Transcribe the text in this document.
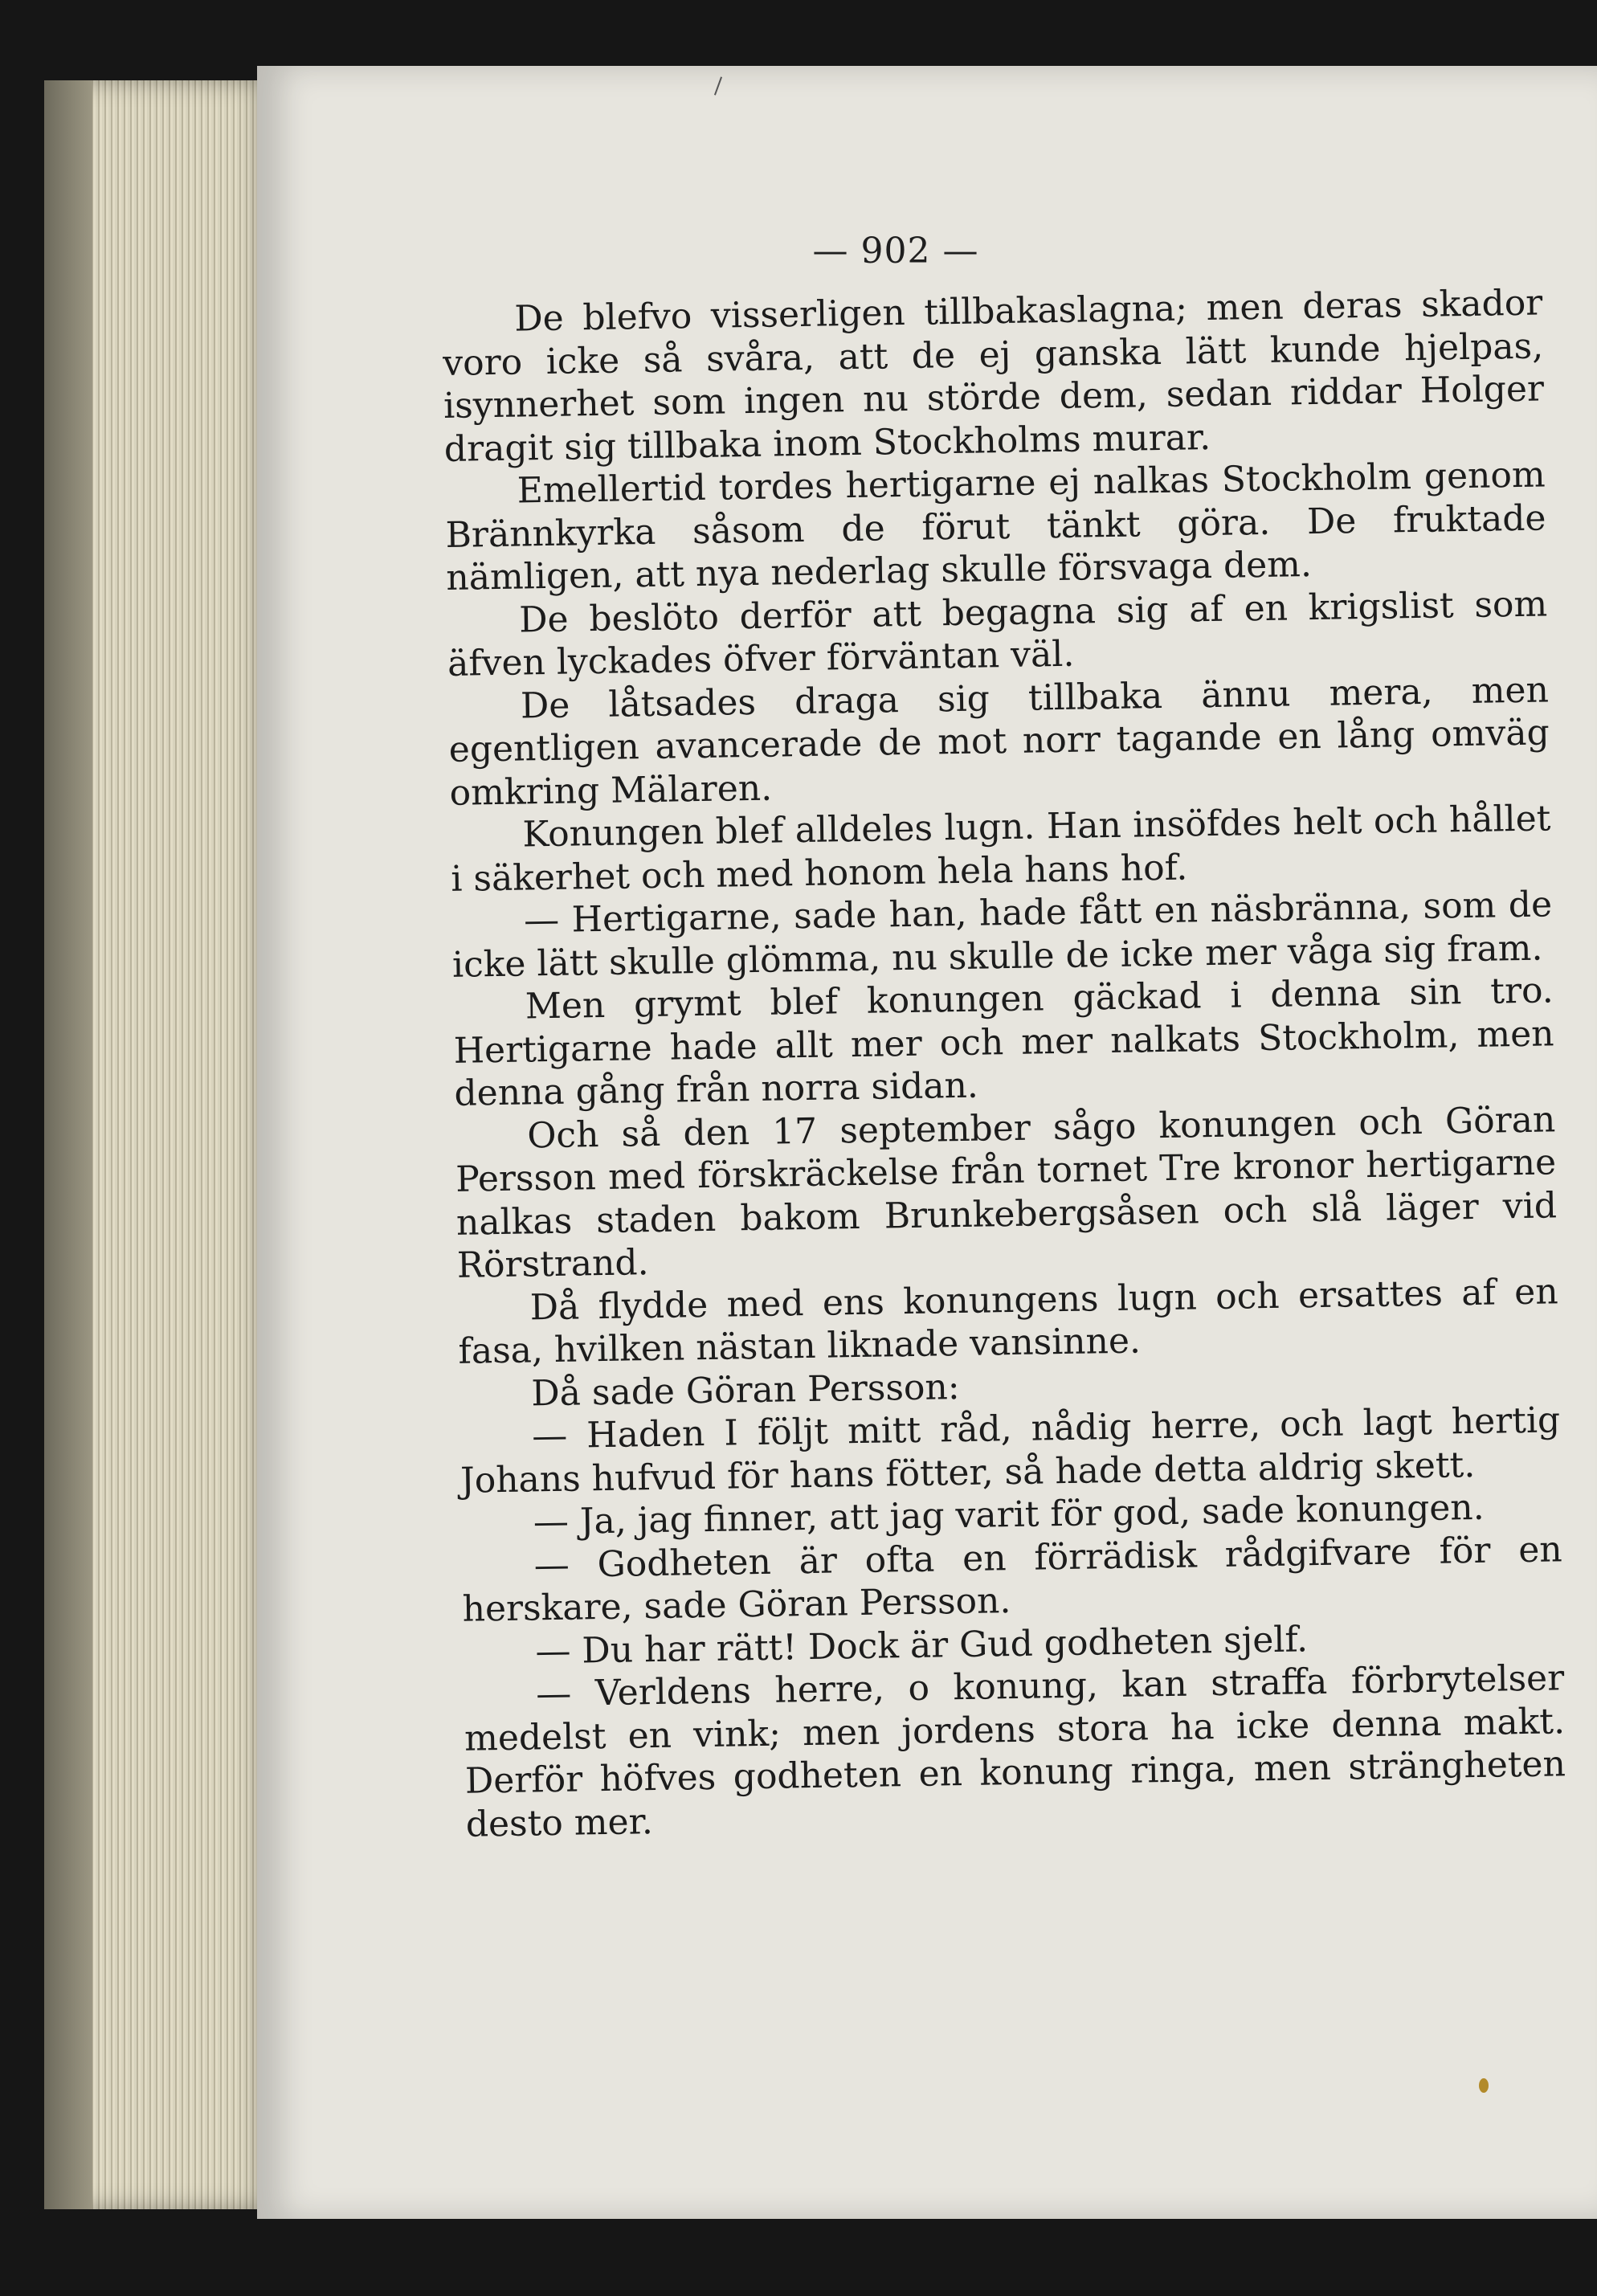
— 902 —

De blefvo visserligen tillbakaslagna; men deras skador voro icke så svåra, att de ej ganska lätt kunde hjelpas, isynnerhet som ingen nu störde dem, sedan riddar Holger dragit sig tillbaka inom Stockholms murar.

Emellertid tordes hertigarne ej nalkas Stockholm genom Brännkyrka såsom de förut tänkt göra. De fruktade nämligen, att nya nederlag skulle försvaga dem.

De beslöto derför att begagna sig af en krigslist som äfven lyckades öfver förväntan väl.

De låtsades draga sig tillbaka ännu mera, men egentligen avancerade de mot norr tagande en lång omväg omkring Mälaren.

Konungen blef alldeles lugn. Han insöfdes helt och hållet i säkerhet och med honom hela hans hof.

— Hertigarne, sade han, hade fått en näsbränna, som de icke lätt skulle glömma, nu skulle de icke mer våga sig fram.

Men grymt blef konungen gäckad i denna sin tro. Hertigarne hade allt mer och mer nalkats Stockholm, men denna gång från norra sidan.

Och så den 17 september sågo konungen och Göran Persson med förskräckelse från tornet Tre kronor hertigarne nalkas staden bakom Brunkebergsåsen och slå läger vid Rörstrand.

Då flydde med ens konungens lugn och ersattes af en fasa, hvilken nästan liknade vansinne.

Då sade Göran Persson:

— Haden I följt mitt råd, nådig herre, och lagt hertig Johans hufvud för hans fötter, så hade detta aldrig skett.

— Ja, jag finner, att jag varit för god, sade konungen.

— Godheten är ofta en förrädisk rådgifvare för en herskare, sade Göran Persson.

— Du har rätt! Dock är Gud godheten sjelf.

— Verldens herre, o konung, kan straffa förbrytelser medelst en vink; men jordens stora ha icke denna makt. Derför höfves godheten en konung ringa, men strängheten desto mer.
